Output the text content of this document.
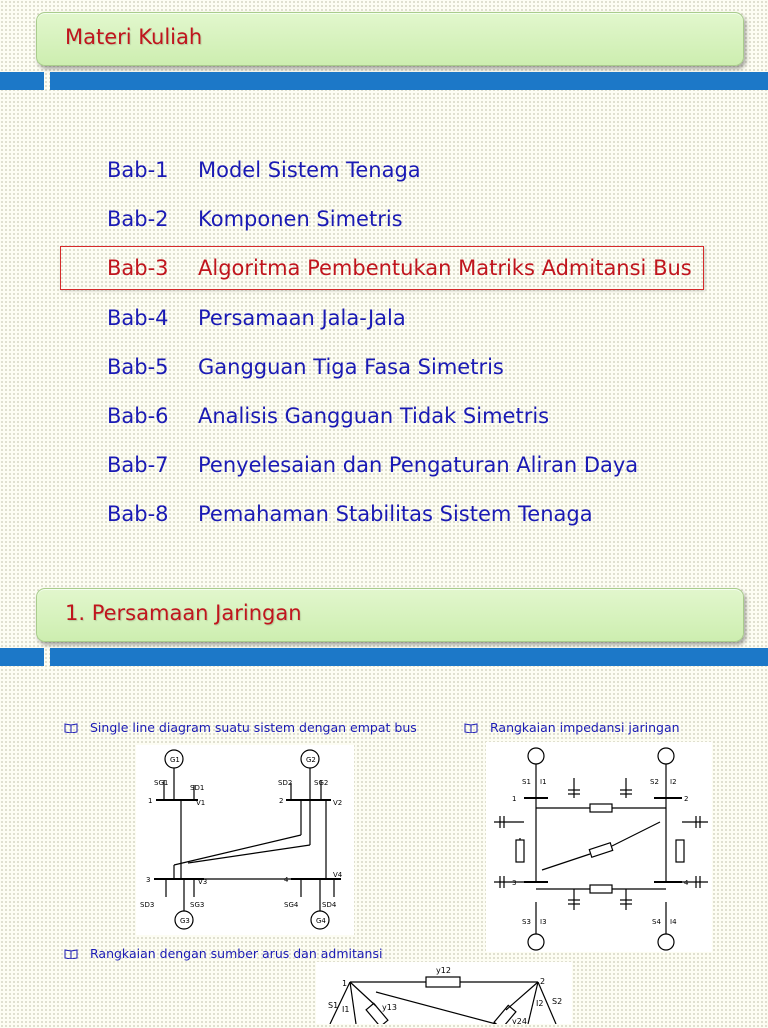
Materi Kuliah
Bab-1 Model Sistem Tenaga
Bab-2 Komponen Simetris
Bab-3 Algoritma Pembentukan Matriks Admitansi Bus
Bab-4 Persamaan Jala-Jala
Bab-5 Gangguan Tiga Fasa Simetris
Bab-6 Analisis Gangguan Tidak Simetris
Bab-7 Penyelesaian dan Pengaturan Aliran Daya
Bab-8 Pemahaman Stabilitas Sistem Tenaga
1. Persamaan Jaringan
Single line diagram suatu sistem dengan empat bus	Rangkaian impedansi jaringan
Rangkaian dengan sumber arus dan admitansi
G1	G2
G3	G4
SG1
SD1
SD2	SG2
SD3	SG3	SG4	SD4
V1	V2
V3
V4
1	2
3	4
S1 I1	S2 I2
S3 I3	S4 I4
1	2
3	4
y12
y13
y24
1	2
S1 I1
S2
I2
